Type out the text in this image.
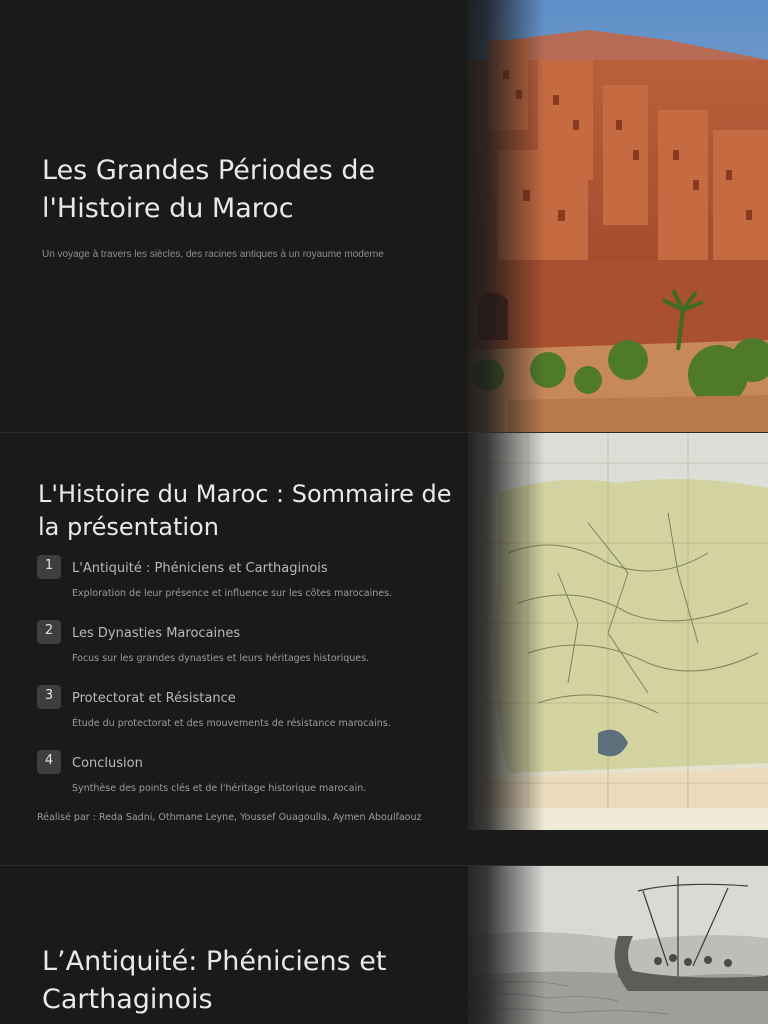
Les Grandes Périodes de l'Histoire du Maroc

Un voyage à travers les siècles, des racines antiques à un royaume moderne

L'Histoire du Maroc : Sommaire de la présentation
1	L'Antiquité : Phéniciens et Carthaginois
Exploration de leur présence et influence sur les côtes marocaines.
2	Les Dynasties Marocaines
Focus sur les grandes dynasties et leurs héritages historiques.
3	Protectorat et Résistance
Étude du protectorat et des mouvements de résistance marocains.
4	Conclusion
Synthèse des points clés et de l'héritage historique marocain.

Réalisé par : Reda Sadni, Othmane Leyne, Youssef Ouagoulla, Aymen Aboulfaouz

L’Antiquité: Phéniciens et Carthaginois
